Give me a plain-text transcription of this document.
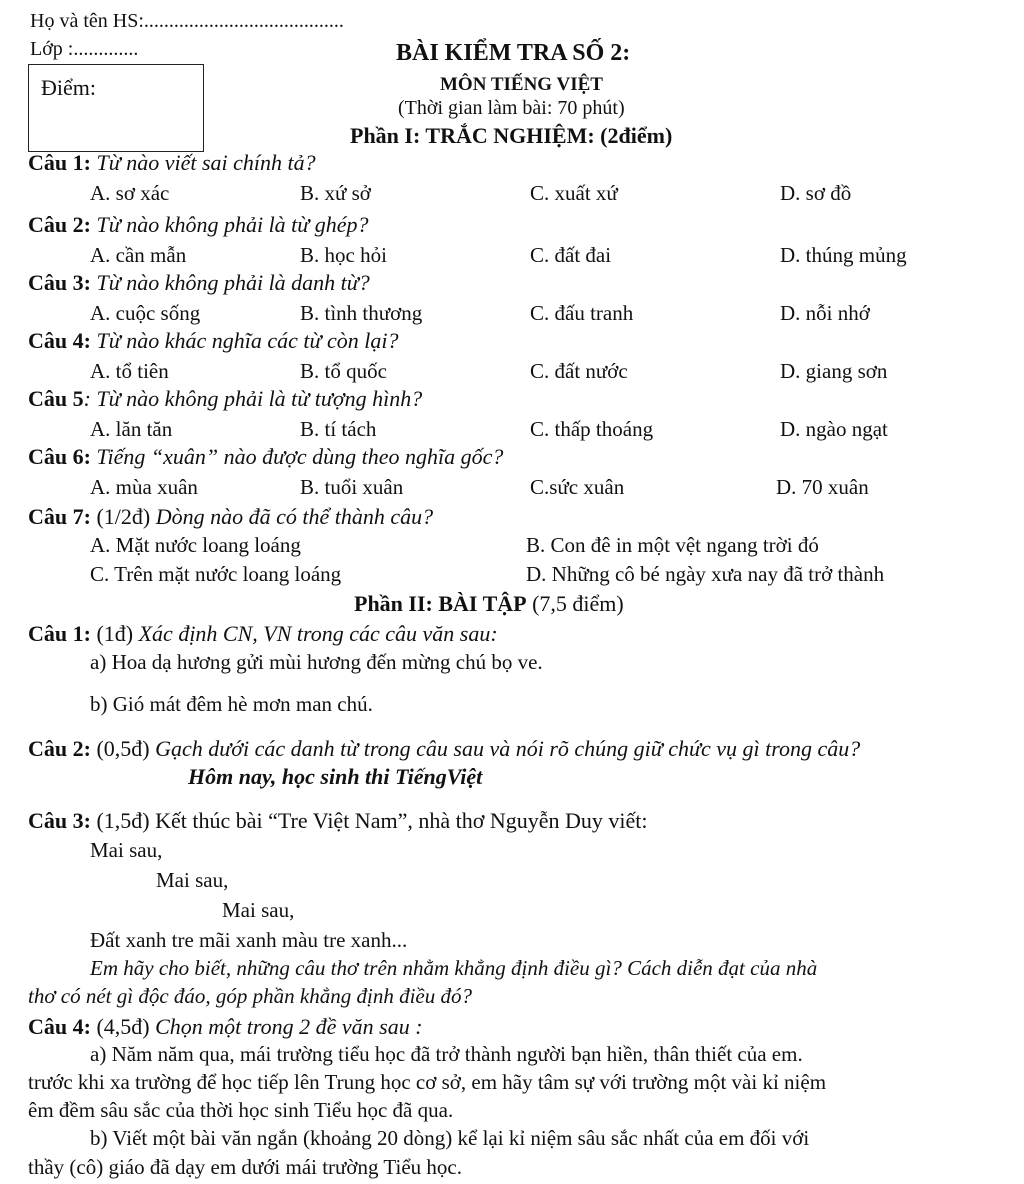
Họ và tên HS:........................................
Lớp :.............
Điểm:
BÀI KIỂM TRA SỐ 2:
MÔN TIẾNG VIỆT
(Thời gian làm bài: 70 phút)
Phần I: TRẮC NGHIỆM: (2điểm)
Câu 1: Từ nào viết sai chính tả?
A. sơ xác	B. xứ sở	C. xuất xứ	D. sơ đồ
Câu 2: Từ nào không phải là từ ghép?
A. cần mẫn	B. học hỏi	C. đất đai	D. thúng mủng
Câu 3: Từ nào không phải là danh từ?
A. cuộc sống	B. tình thương	C. đấu tranh	D. nỗi nhớ
Câu 4: Từ nào khác nghĩa các từ còn lại?
A. tổ tiên	B. tổ quốc	C. đất nước	D. giang sơn
Câu 5: Từ nào không phải là từ tượng hình?
A. lăn tăn	B. tí tách	C. thấp thoáng	D. ngào ngạt
Câu 6: Tiếng “xuân” nào được dùng theo nghĩa gốc?
A. mùa xuân	B. tuổi xuân	C.sức xuân	D. 70 xuân
Câu 7: (1/2đ) Dòng nào đã có thể thành câu?
A. Mặt nước loang loáng	B. Con đê in một vệt ngang trời đó
C. Trên mặt nước loang loáng	D. Những cô bé ngày xưa nay đã trở thành
Phần II: BÀI TẬP (7,5 điểm)
Câu 1: (1đ) Xác định CN, VN trong các câu văn sau:
a) Hoa dạ hương gửi mùi hương đến mừng chú bọ ve.
b) Gió mát đêm hè mơn man chú.
Câu 2: (0,5đ) Gạch dưới các danh từ trong câu sau và nói rõ chúng giữ chức vụ gì trong câu?
Hôm nay, học sinh thi TiếngViệt
Câu 3: (1,5đ) Kết thúc bài “Tre Việt Nam”, nhà thơ Nguyễn Duy viết:
Mai sau,
Mai sau,
Mai sau,
Đất xanh tre mãi xanh màu tre xanh...
Em hãy cho biết, những câu thơ trên nhằm khẳng định điều gì? Cách diễn đạt của nhà
thơ có nét gì độc đáo, góp phần khẳng định điều đó?
Câu 4: (4,5đ) Chọn một trong 2 đề văn sau :
a) Năm năm qua, mái trường tiểu học đã trở thành người bạn hiền, thân thiết của em.
trước khi xa trường để học tiếp lên Trung học cơ sở, em hãy tâm sự với trường một vài kỉ niệm
êm đềm sâu sắc của thời học sinh Tiểu học đã qua.
b) Viết một bài văn ngắn (khoảng 20 dòng) kể lại kỉ niệm sâu sắc nhất của em đối với
thầy (cô) giáo đã dạy em dưới mái trường Tiểu học.
